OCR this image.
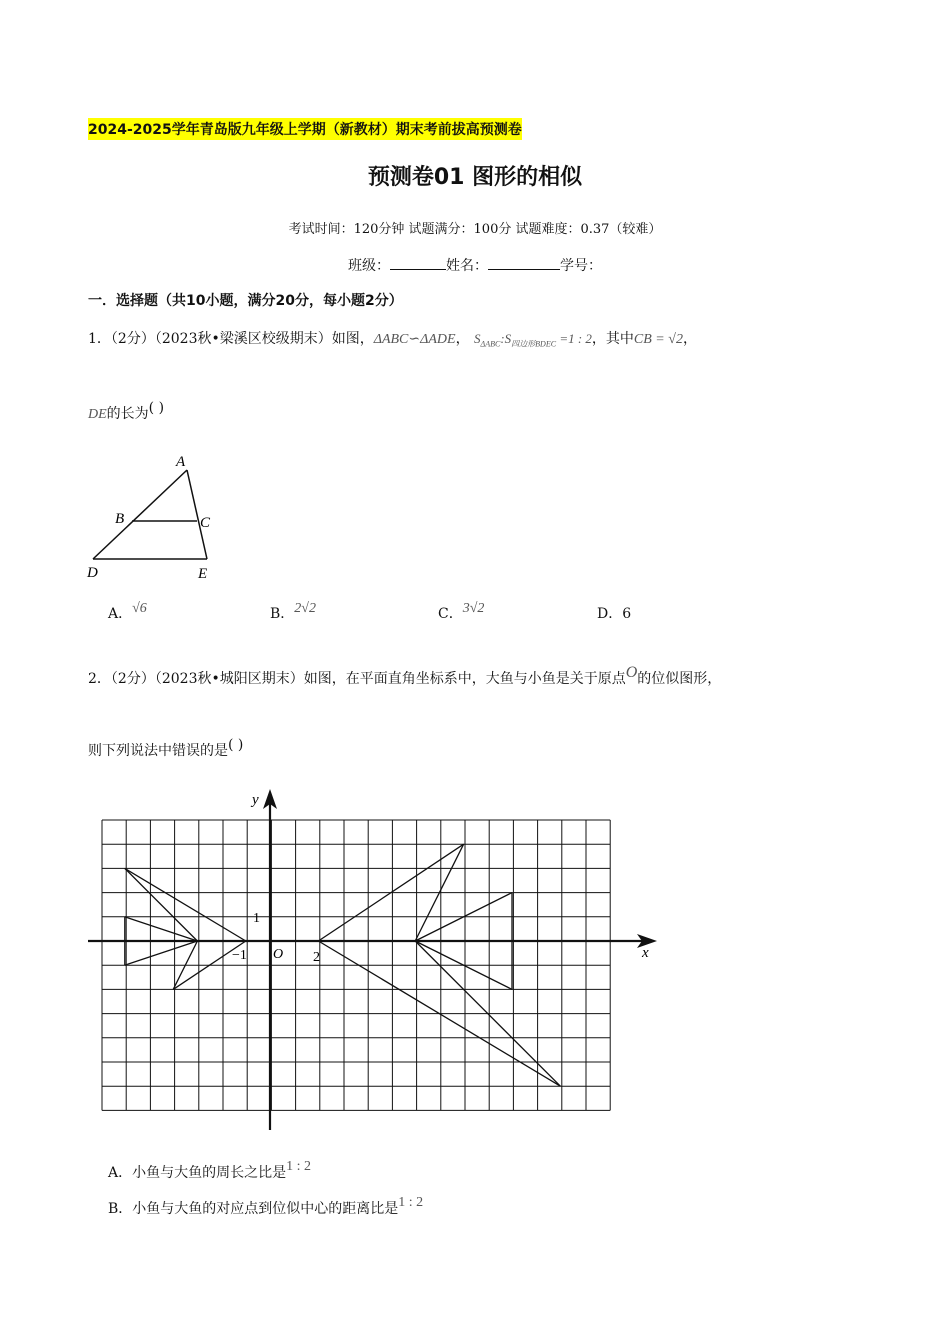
2024-2025学年青岛版九年级上学期（新教材）期末考前拔高预测卷
预测卷01 图形的相似
考试时间：120分钟 试题满分：100分 试题难度：0.37（较难）
班级：	姓名：	学号：
一．选择题（共10小题，满分20分，每小题2分）
1．（2分）（2023秋•梁溪区校级期末）如图，ΔABC∽ΔADE， $S_{\Delta ABC}:S_{四边形BDEC} =1$ : 2，其中CB = √2，
DE的长为( )
A
B	C
D	E
A．√6	B．2√2	C．3√2	D．6
2．（2分）（2023秋•城阳区期末）如图，在平面直角坐标系中，大鱼与小鱼是关于原点O的位似图形，
则下列说法中错误的是( )
y
x
O
1
−1	2
A．小鱼与大鱼的周长之比是1 : 2
B．小鱼与大鱼的对应点到位似中心的距离比是1 : 2
